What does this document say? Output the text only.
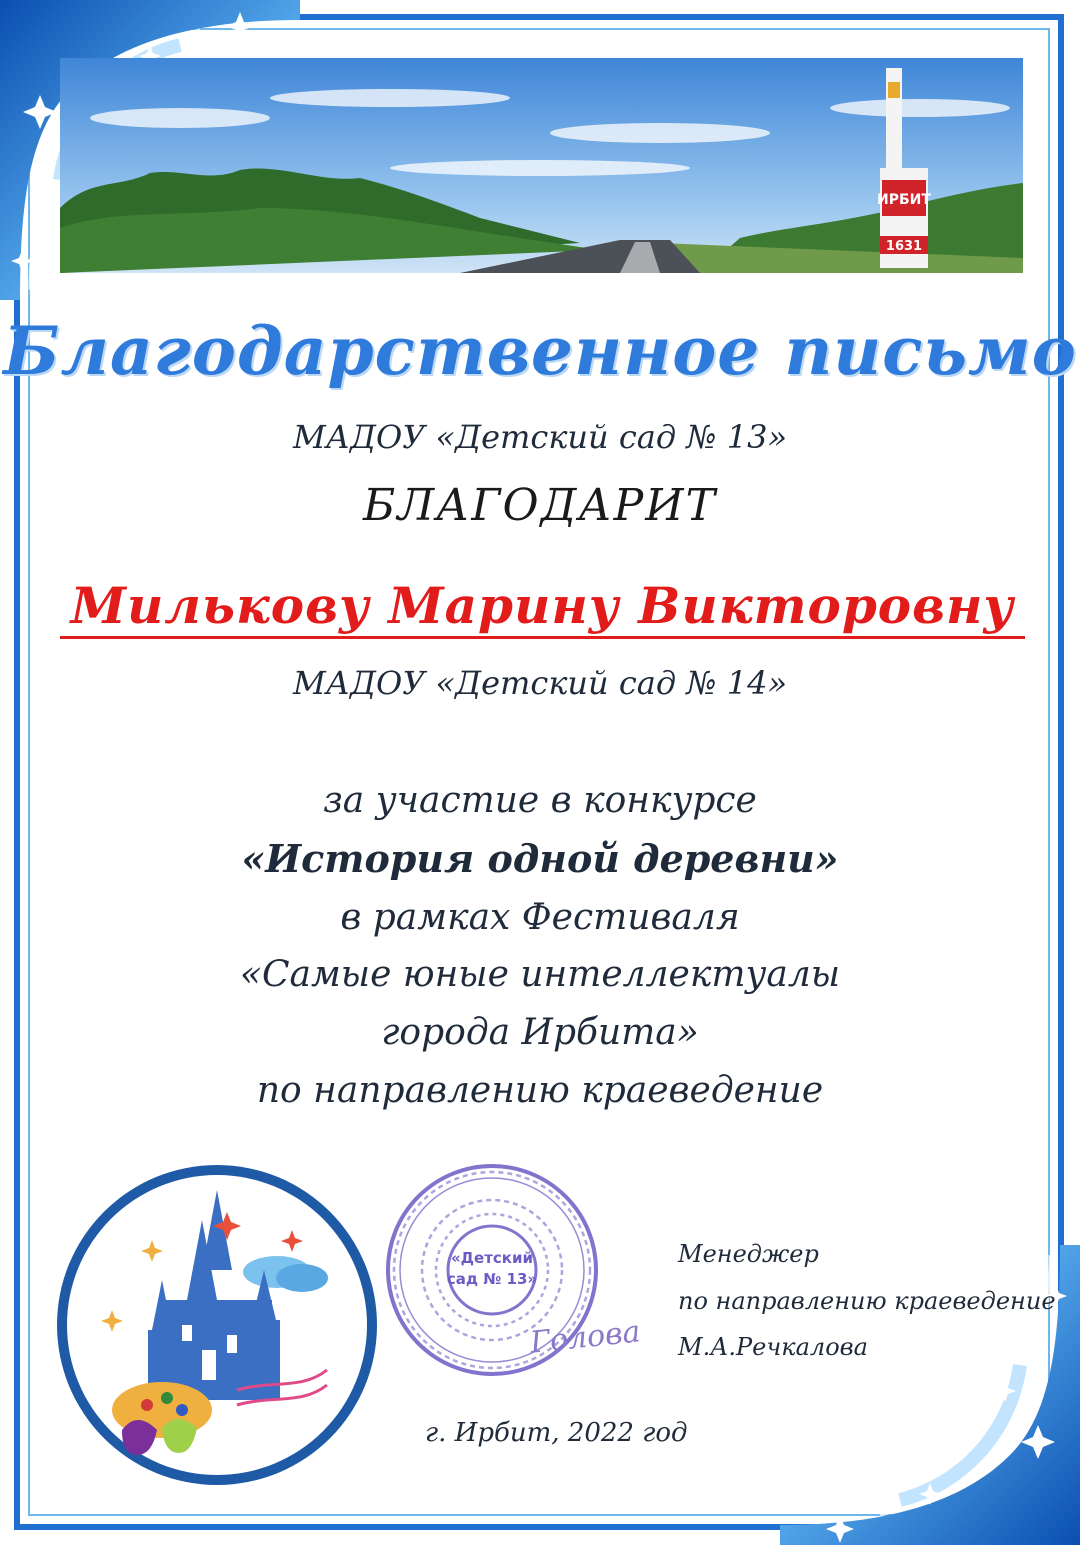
ИРБИТ
1631
Благодарственное письмо
МАДОУ «Детский сад № 13»
БЛАГОДАРИТ
Милькову Марину Викторовну
МАДОУ «Детский сад № 14»
за участие в конкурсе
«История одной деревни»
в рамках Фестиваля
«Самые юные интеллектуалы
города Ирбита»
по направлению краеведение
«Детский
сад № 13»
Голова
Менеджер
по направлению краеведение
М.А.Речкалова
г. Ирбит, 2022 год
